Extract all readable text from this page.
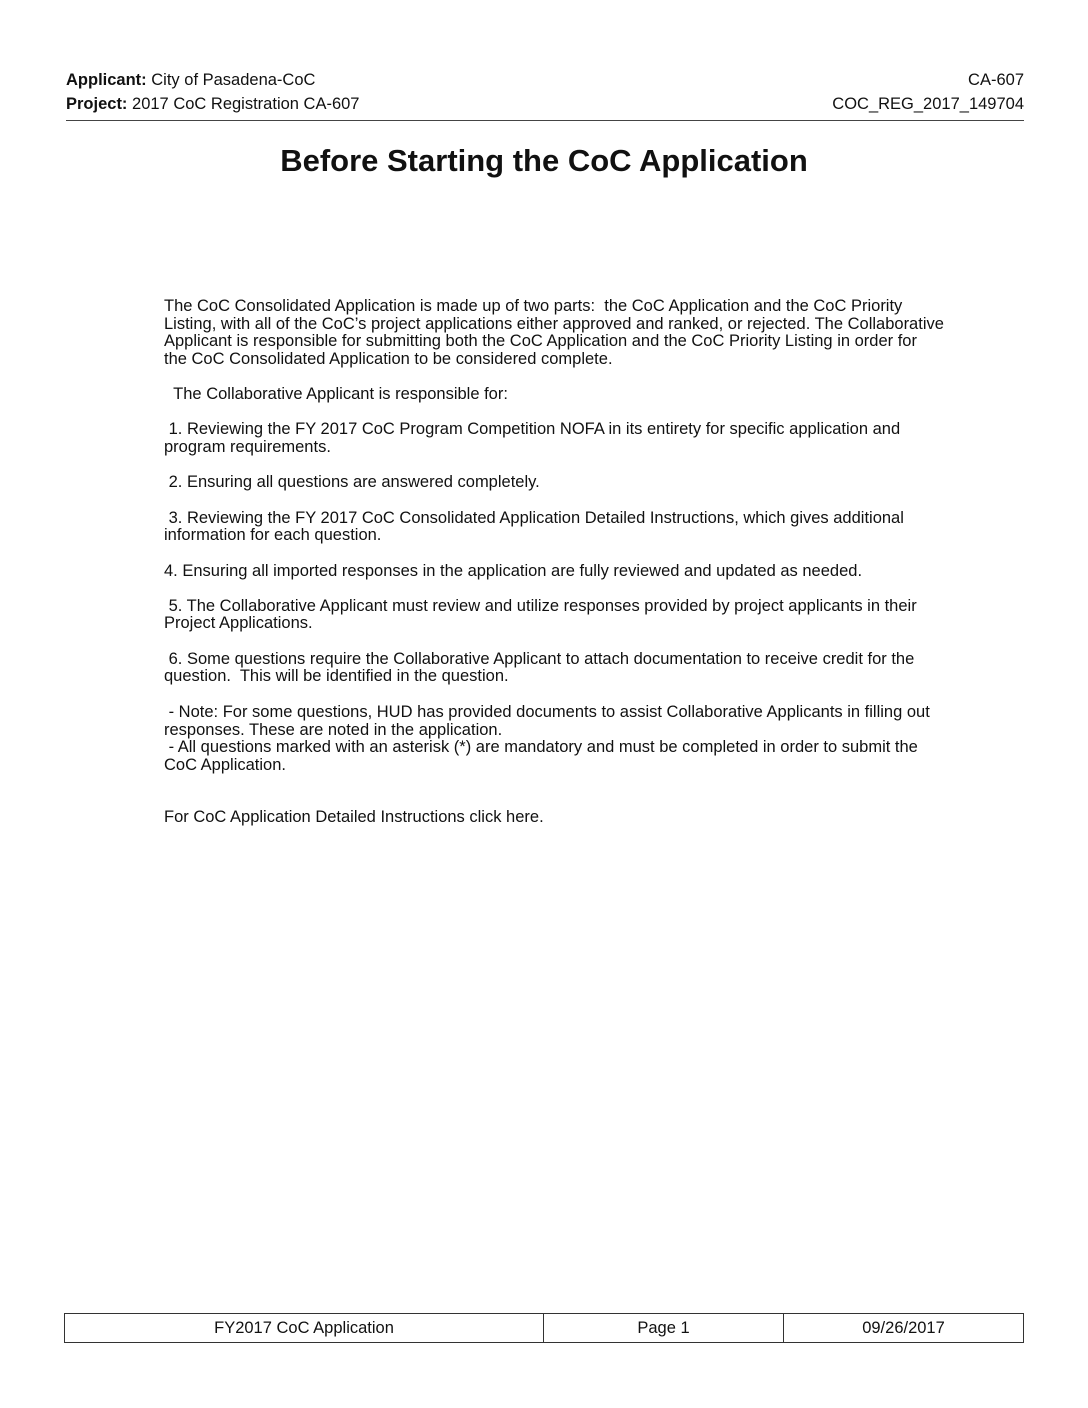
Applicant: City of Pasadena-CoC	CA-607
Project: 2017 CoC Registration CA-607	COC_REG_2017_149704
Before Starting the CoC Application

The CoC Consolidated Application is made up of two parts:  the CoC Application and the CoC Priority Listing, with all of the CoC’s project applications either approved and ranked, or rejected. The Collaborative Applicant is responsible for submitting both the CoC Application and the CoC Priority Listing in order for the CoC Consolidated Application to be considered complete.

The Collaborative Applicant is responsible for:

1. Reviewing the FY 2017 CoC Program Competition NOFA in its entirety for specific application and program requirements.

2. Ensuring all questions are answered completely.

3. Reviewing the FY 2017 CoC Consolidated Application Detailed Instructions, which gives additional information for each question.

4. Ensuring all imported responses in the application are fully reviewed and updated as needed.

5. The Collaborative Applicant must review and utilize responses provided by project applicants in their Project Applications.

6. Some questions require the Collaborative Applicant to attach documentation to receive credit for the question.  This will be identified in the question.

- Note: For some questions, HUD has provided documents to assist Collaborative Applicants in filling out responses. These are noted in the application.

- All questions marked with an asterisk (*) are mandatory and must be completed in order to submit the CoC Application.

For CoC Application Detailed Instructions click here.

FY2017 CoC Application	Page 1	09/26/2017
